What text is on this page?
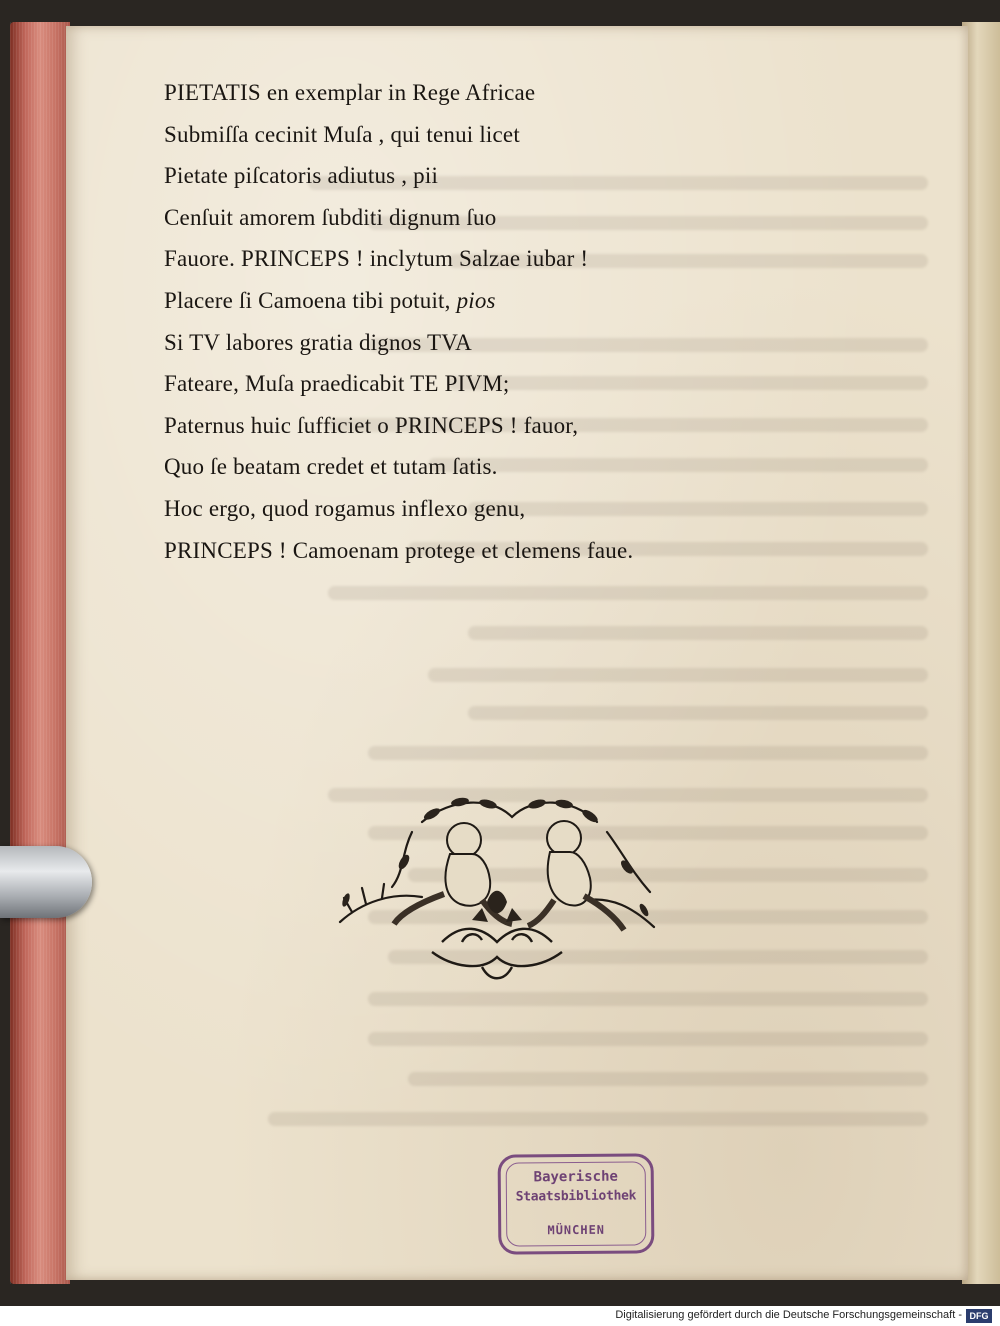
PIETATIS en exemplar in Rege Africae
Submiſſa cecinit Muſa , qui tenui licet
Pietate piſcatoris adiutus , pii
Cenſuit amorem ſubditi dignum ſuo
Fauore. PRINCEPS ! inclytum Salzae iubar !
Placere ſi Camoena tibi potuit, pios
Si TV labores gratia dignos TVA
Fateare, Muſa praedicabit TE PIVM;
Paternus huic ſufficiet o PRINCEPS ! fauor,
Quo ſe beatam credet et tutam ſatis.
Hoc ergo, quod rogamus inflexo genu,
PRINCEPS ! Camoenam protege et clemens faue.
Bayerische
Staatsbibliothek
MÜNCHEN
Digitalisierung gefördert durch die Deutsche Forschungsgemeinschaft - DFG
